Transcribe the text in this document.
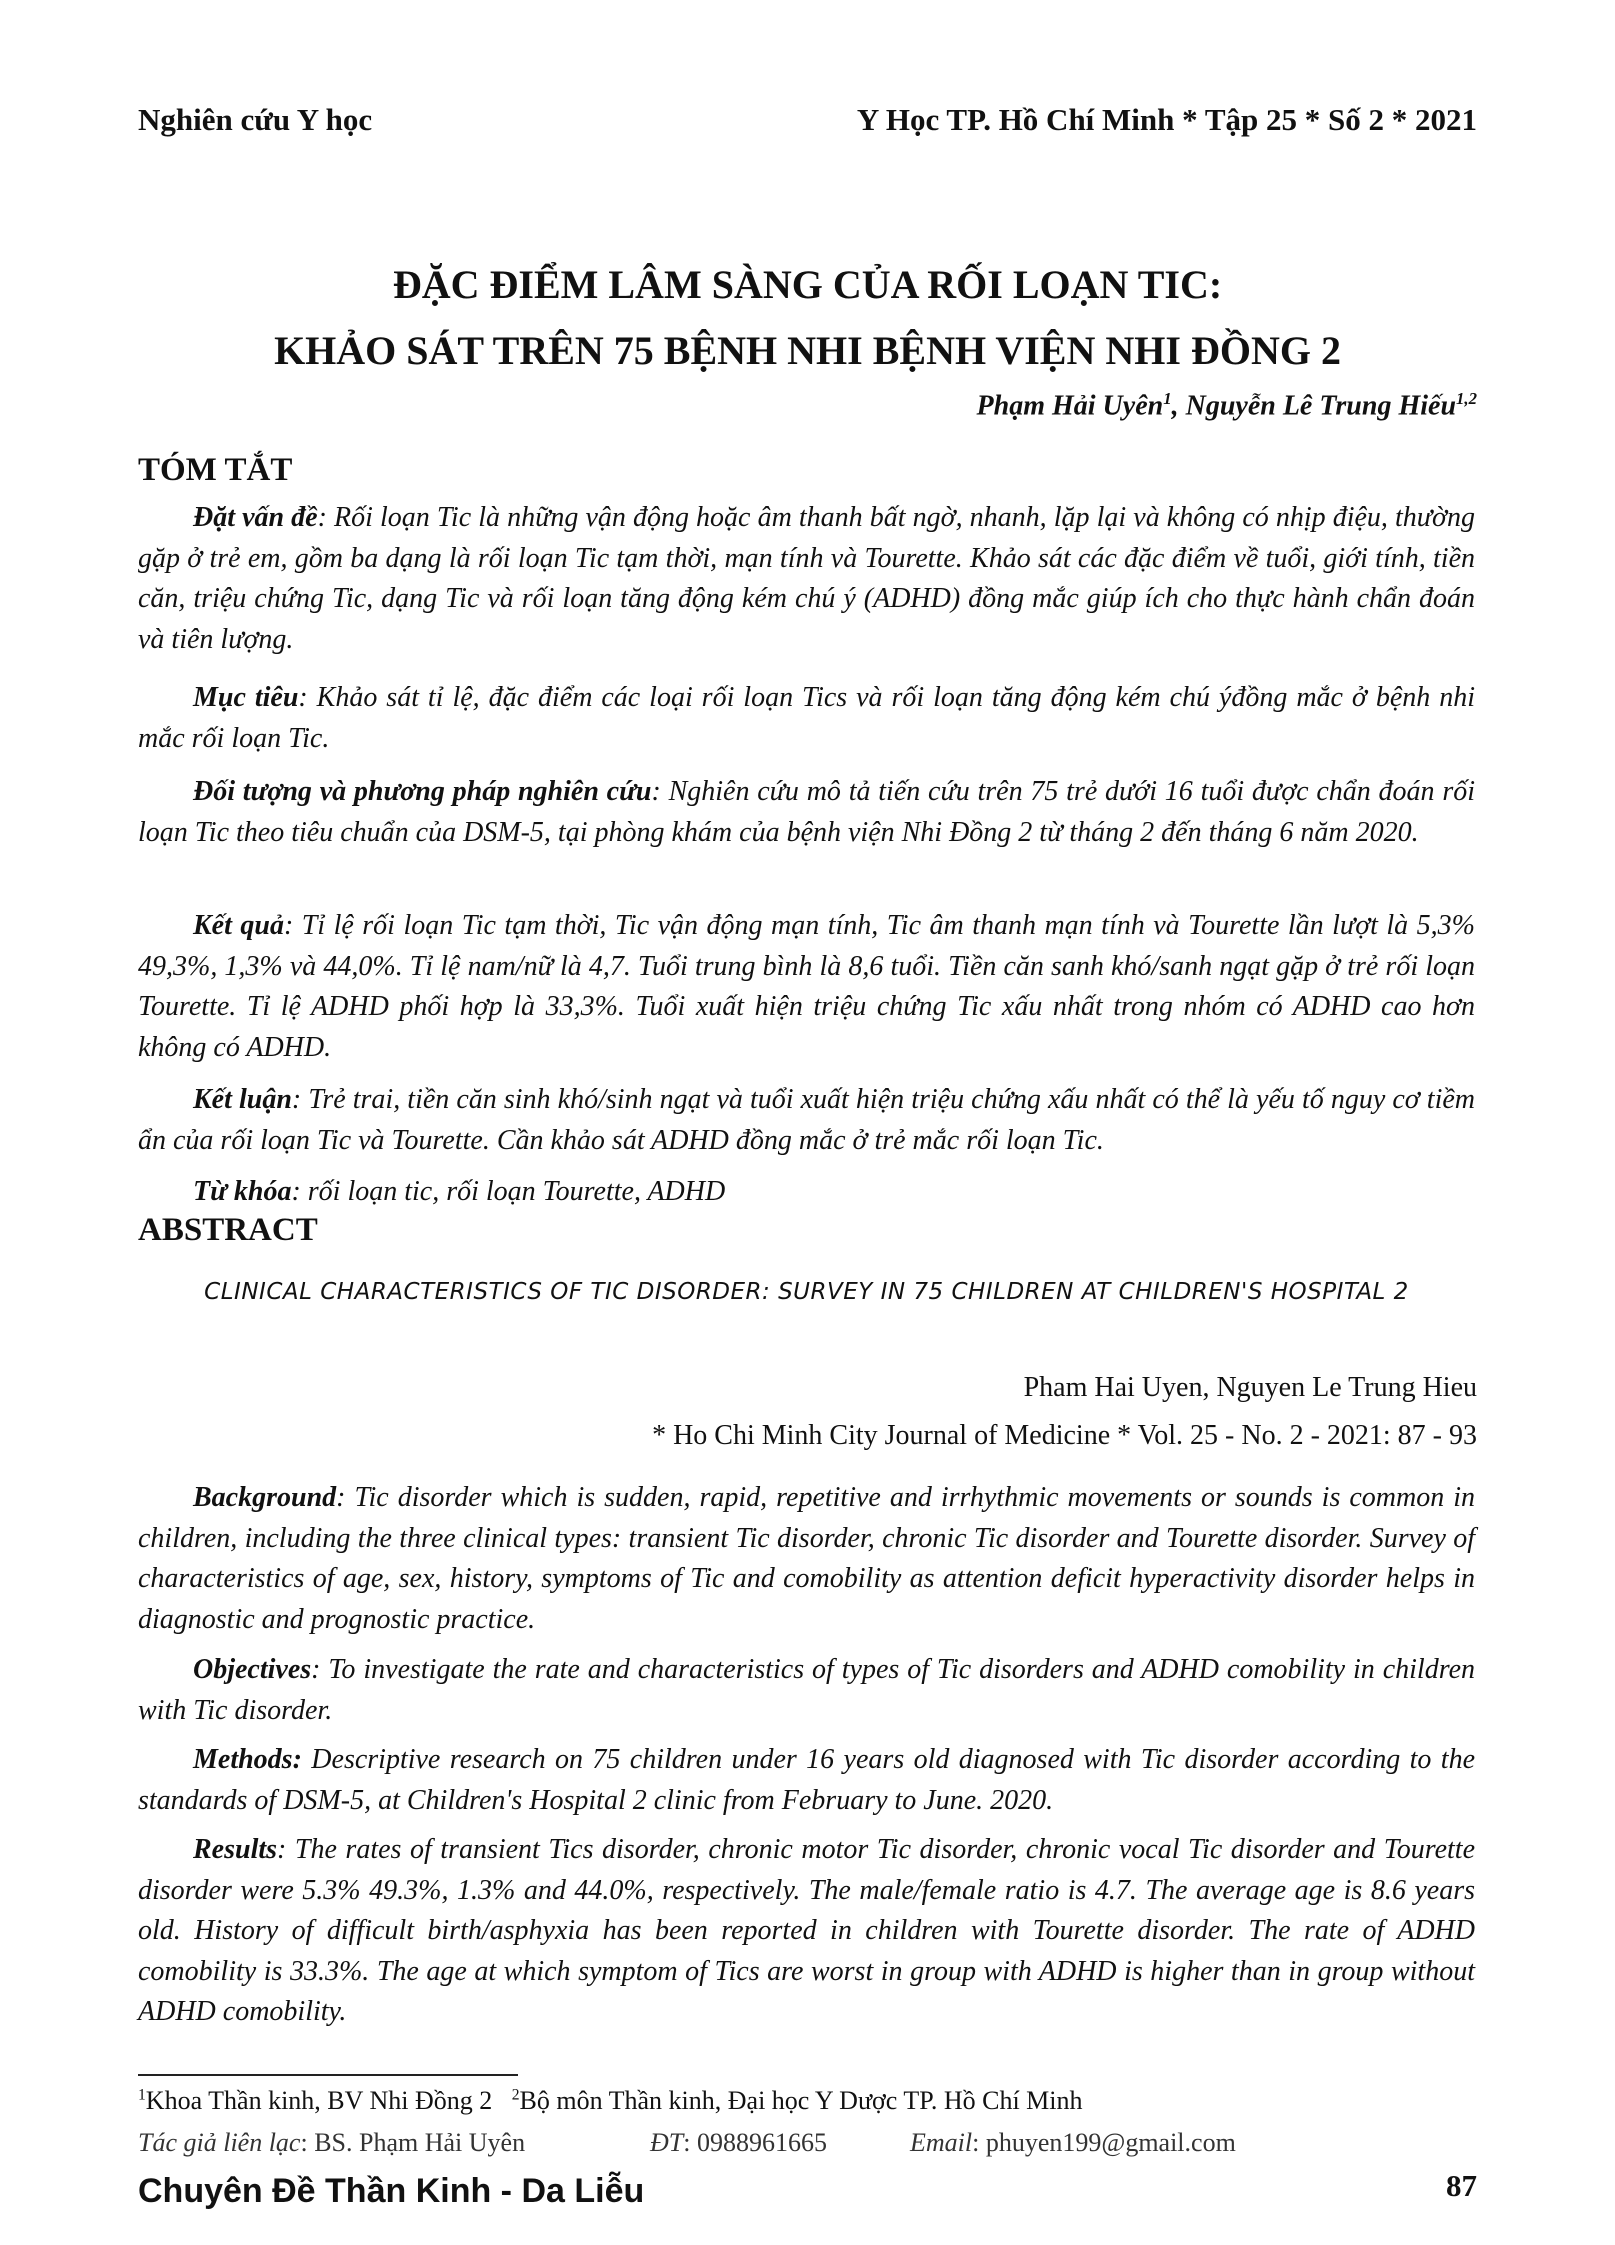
Nghiên cứu Y học	Y Học TP. Hồ Chí Minh * Tập 25 * Số 2 * 2021
ĐẶC ĐIỂM LÂM SÀNG CỦA RỐI LOẠN TIC:
KHẢO SÁT TRÊN 75 BỆNH NHI BỆNH VIỆN NHI ĐỒNG 2
Phạm Hải Uyên$^1$, Nguyễn Lê Trung Hiếu$^{1,2}$
TÓM TẮT
Đặt vấn đề: Rối loạn Tic là những vận động hoặc âm thanh bất ngờ, nhanh, lặp lại và không có nhịp điệu, thường gặp ở trẻ em, gồm ba dạng là rối loạn Tic tạm thời, mạn tính và Tourette. Khảo sát các đặc điểm về tuổi, giới tính, tiền căn, triệu chứng Tic, dạng Tic và rối loạn tăng động kém chú ý (ADHD) đồng mắc giúp ích cho thực hành chẩn đoán và tiên lượng.
Mục tiêu: Khảo sát tỉ lệ, đặc điểm các loại rối loạn Tics và rối loạn tăng động kém chú ýđồng mắc ở bệnh nhi mắc rối loạn Tic.
Đối tượng và phương pháp nghiên cứu: Nghiên cứu mô tả tiến cứu trên 75 trẻ dưới 16 tuổi được chẩn đoán rối loạn Tic theo tiêu chuẩn của DSM-5, tại phòng khám của bệnh viện Nhi Đồng 2 từ tháng 2 đến tháng 6 năm 2020.
Kết quả: Tỉ lệ rối loạn Tic tạm thời, Tic vận động mạn tính, Tic âm thanh mạn tính và Tourette lần lượt là 5,3% 49,3%, 1,3% và 44,0%. Tỉ lệ nam/nữ là 4,7. Tuổi trung bình là 8,6 tuổi. Tiền căn sanh khó/sanh ngạt gặp ở trẻ rối loạn Tourette. Tỉ lệ ADHD phối hợp là 33,3%. Tuổi xuất hiện triệu chứng Tic xấu nhất trong nhóm có ADHD cao hơn không có ADHD.
Kết luận: Trẻ trai, tiền căn sinh khó/sinh ngạt và tuổi xuất hiện triệu chứng xấu nhất có thể là yếu tố nguy cơ tiềm ẩn của rối loạn Tic và Tourette. Cần khảo sát ADHD đồng mắc ở trẻ mắc rối loạn Tic.
Từ khóa: rối loạn tic, rối loạn Tourette, ADHD
ABSTRACT
CLINICAL CHARACTERISTICS OF TIC DISORDER: SURVEY IN 75 CHILDREN AT CHILDREN'S HOSPITAL 2
Pham Hai Uyen, Nguyen Le Trung Hieu
* Ho Chi Minh City Journal of Medicine * Vol. 25 - No. 2 - 2021: 87 - 93
Background: Tic disorder which is sudden, rapid, repetitive and irrhythmic movements or sounds is common in children, including the three clinical types: transient Tic disorder, chronic Tic disorder and Tourette disorder. Survey of characteristics of age, sex, history, symptoms of Tic and comobility as attention deficit hyperactivity disorder helps in diagnostic and prognostic practice.
Objectives: To investigate the rate and characteristics of types of Tic disorders and ADHD comobility in children with Tic disorder.
Methods: Descriptive research on 75 children under 16 years old diagnosed with Tic disorder according to the standards of DSM-5, at Children's Hospital 2 clinic from February to June. 2020.
Results: The rates of transient Tics disorder, chronic motor Tic disorder, chronic vocal Tic disorder and Tourette disorder were 5.3% 49.3%, 1.3% and 44.0%, respectively. The male/female ratio is 4.7. The average age is 8.6 years old. History of difficult birth/asphyxia has been reported in children with Tourette disorder. The rate of ADHD comobility is 33.3%. The age at which symptom of Tics are worst in group with ADHD is higher than in group without ADHD comobility.
$^1$Khoa Thần kinh, BV Nhi Đồng 2 $^2$Bộ môn Thần kinh, Đại học Y Dược TP. Hồ Chí Minh
Tác giả liên lạc: BS. Phạm Hải Uyên	ĐT: 0988961665	Email: phuyen199@gmail.com
Chuyên Đề Thần Kinh - Da Liễu	87
